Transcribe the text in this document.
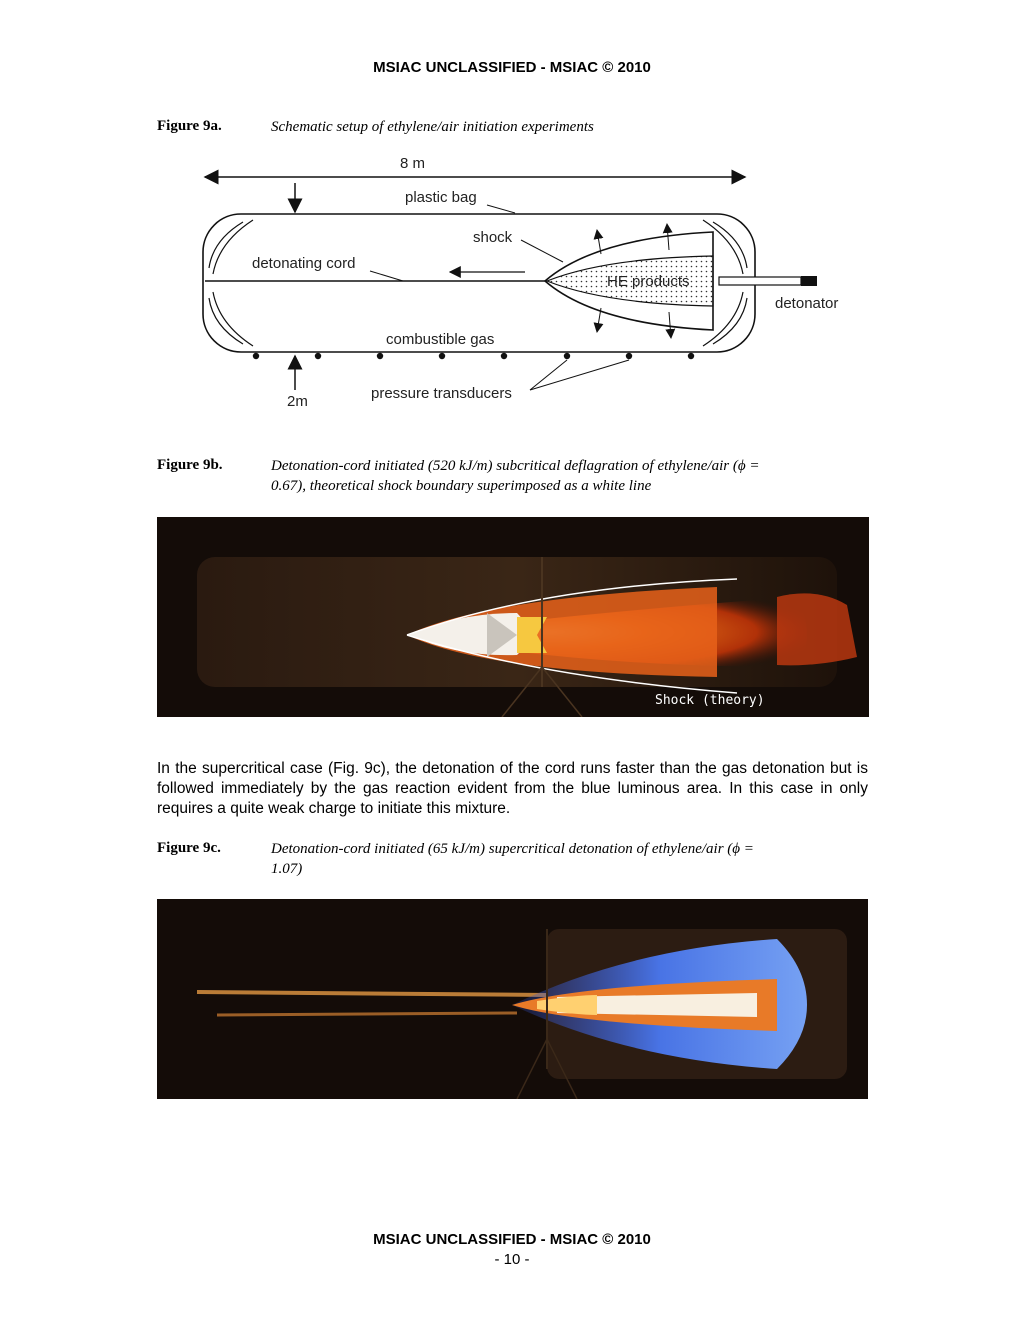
MSIAC UNCLASSIFIED - MSIAC © 2010
Figure 9a.	Schematic setup of ethylene/air initiation experiments
8 m
plastic bag
detonating cord
HE products
shock
detonator
combustible gas
2m	pressure transducers
Figure 9b.	Detonation-cord initiated (520 kJ/m) subcritical deflagration of ethylene/air (ϕ =
0.67), theoretical shock boundary superimposed as a white line
Shock (theory)
In the supercritical case (Fig. 9c), the detonation of the cord runs faster than the gas detonation but is followed immediately by the gas reaction evident from the blue luminous area. In this case in only requires a quite weak charge to initiate this mixture.
Figure 9c.	Detonation-cord initiated (65 kJ/m) supercritical detonation of ethylene/air (ϕ =
1.07)
MSIAC UNCLASSIFIED - MSIAC © 2010
- 10 -
